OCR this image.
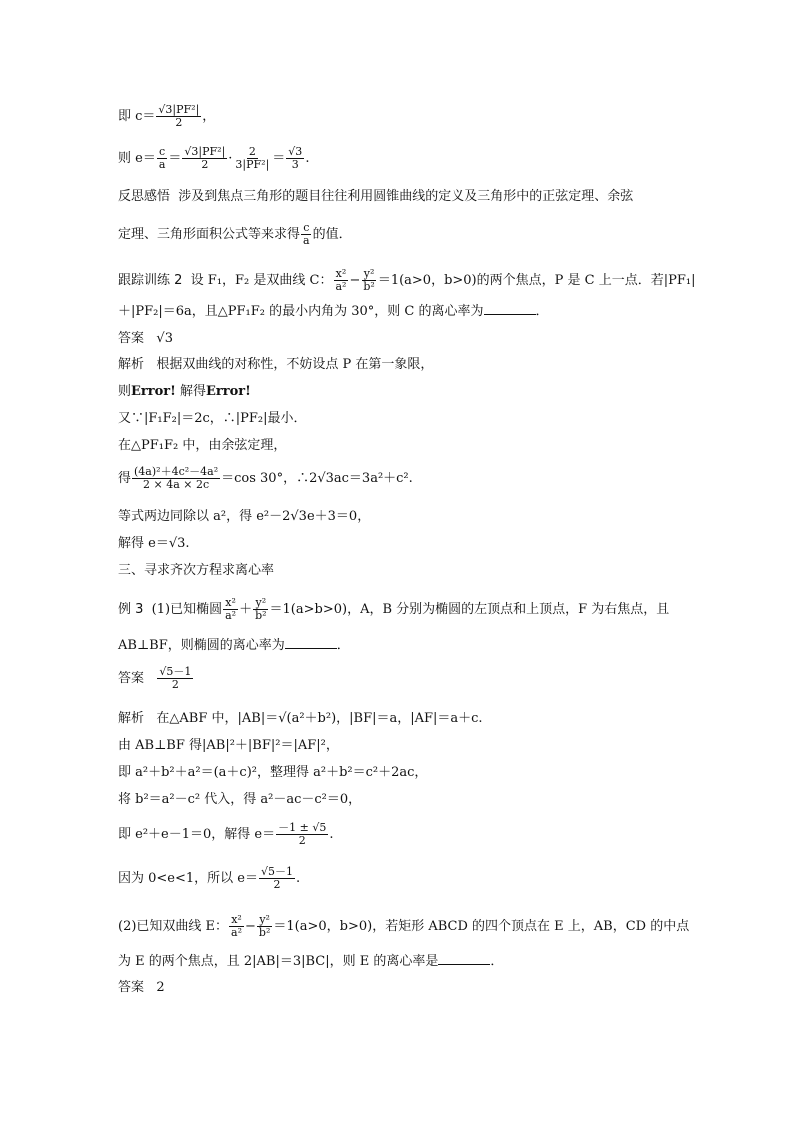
即 $c= \frac{\text{√3|PF²|}}{2}$ ，
则 $e= \frac{c}{a} = \frac{\text{√3|PF²|}}{2} \cdot \frac{2}{\text{3|PF²|}} = \frac{√3}{3}$ .
反思感悟 涉及到焦点三角形的题目往往利用圆锥曲线的定义及三角形中的正弦定理、余弦
定理、三角形面积公式等来求得 $\frac{c}{a}$ 的值．
跟踪训练 2 设 F₁，F₂ 是双曲线 C： $\frac{\text{x²}}{\text{a²}} - \frac{\text{y²}}{\text{b²}} =1(a>0$，b>0)的两个焦点，P 是 C 上一点．若|PF₁|
＋|PF₂|＝6a，且△PF₁F₂ 的最小内角为 30°，则 C 的离心率为	．
答案 √3
解析 根据双曲线的对称性，不妨设点 P 在第一象限，
则Error! 解得Error!
又∵|F₁F₂|＝2c，∴|PF₂|最小．
在△PF₁F₂ 中，由余弦定理，
得 $\frac{\text{(4a)²＋4c²－4a²}}{2 \times 4a \times 2c} =\cos$ 30°，∴2√3ac＝3a²＋c².
等式两边同除以 a²，得 e²－2√3e＋3＝0，
解得 e＝√3.
三、寻求齐次方程求离心率
例 3 (1)已知椭圆 $\frac{\text{x²}}{\text{a²}} + \frac{\text{y²}}{\text{b²}} =1(a>b>0)$，A，B 分别为椭圆的左顶点和上顶点，F 为右焦点，且
AB⊥BF，则椭圆的离心率为	．
答案 $\frac{√5-1}{2}$
解析 在△ABF 中，|AB|＝√(a²＋b²)，|BF|＝a，|AF|＝a＋c.
由 AB⊥BF 得|AB|²＋|BF|²＝|AF|²，
即 a²＋b²＋a²＝(a＋c)²，整理得 a²＋b²＝c²＋2ac，
将 b²＝a²－c² 代入，得 a²－ac－c²＝0，
即 e²＋e－1＝0，解得 $e= \frac{-1 \pm √5}{2}$ .
因为 0<e<1，所以 $e= \frac{√5-1}{2}$ .
(2)已知双曲线 E： $\frac{\text{x²}}{\text{a²}} - \frac{\text{y²}}{\text{b²}} =1(a>0$，b>0)，若矩形 ABCD 的四个顶点在 E 上，AB，CD 的中点
为 E 的两个焦点，且 2|AB|＝3|BC|，则 E 的离心率是	．
答案 2
